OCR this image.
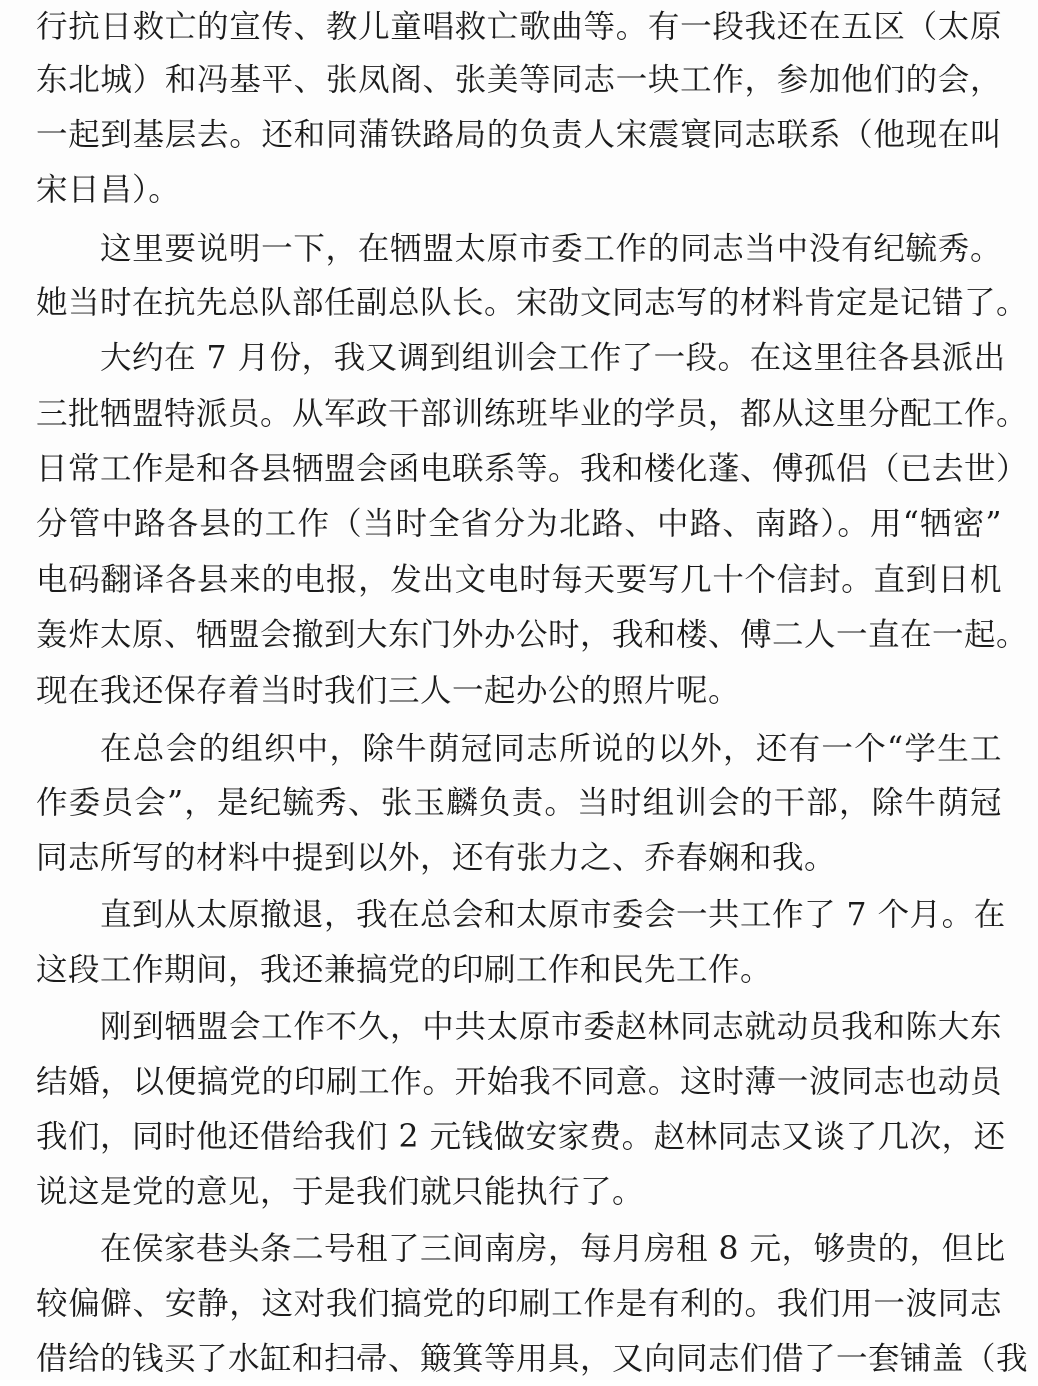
行抗日救亡的宣传、教儿童唱救亡歌曲等。有一段我还在五区（太原
东北城）和冯基平、张凤阁、张美等同志一块工作，参加他们的会，
一起到基层去。还和同蒲铁路局的负责人宋震寰同志联系（他现在叫
宋日昌）。
这里要说明一下，在牺盟太原市委工作的同志当中没有纪毓秀。
她当时在抗先总队部任副总队长。宋劭文同志写的材料肯定是记错了。
大约在 7 月份，我又调到组训会工作了一段。在这里往各县派出
三批牺盟特派员。从军政干部训练班毕业的学员，都从这里分配工作。
日常工作是和各县牺盟会函电联系等。我和楼化蓬、傅孤侣（已去世）
分管中路各县的工作（当时全省分为北路、中路、南路）。用“牺密”
电码翻译各县来的电报，发出文电时每天要写几十个信封。直到日机
轰炸太原、牺盟会撤到大东门外办公时，我和楼、傅二人一直在一起。
现在我还保存着当时我们三人一起办公的照片呢。
在总会的组织中，除牛荫冠同志所说的以外，还有一个“学生工
作委员会”，是纪毓秀、张玉麟负责。当时组训会的干部，除牛荫冠
同志所写的材料中提到以外，还有张力之、乔春娴和我。
直到从太原撤退，我在总会和太原市委会一共工作了 7 个月。在
这段工作期间，我还兼搞党的印刷工作和民先工作。
刚到牺盟会工作不久，中共太原市委赵林同志就动员我和陈大东
结婚，以便搞党的印刷工作。开始我不同意。这时薄一波同志也动员
我们，同时他还借给我们 2 元钱做安家费。赵林同志又谈了几次，还
说这是党的意见，于是我们就只能执行了。
在侯家巷头条二号租了三间南房，每月房租 8 元，够贵的，但比
较偏僻、安静，这对我们搞党的印刷工作是有利的。我们用一波同志
借给的钱买了水缸和扫帚、簸箕等用具，又向同志们借了一套铺盖（我
